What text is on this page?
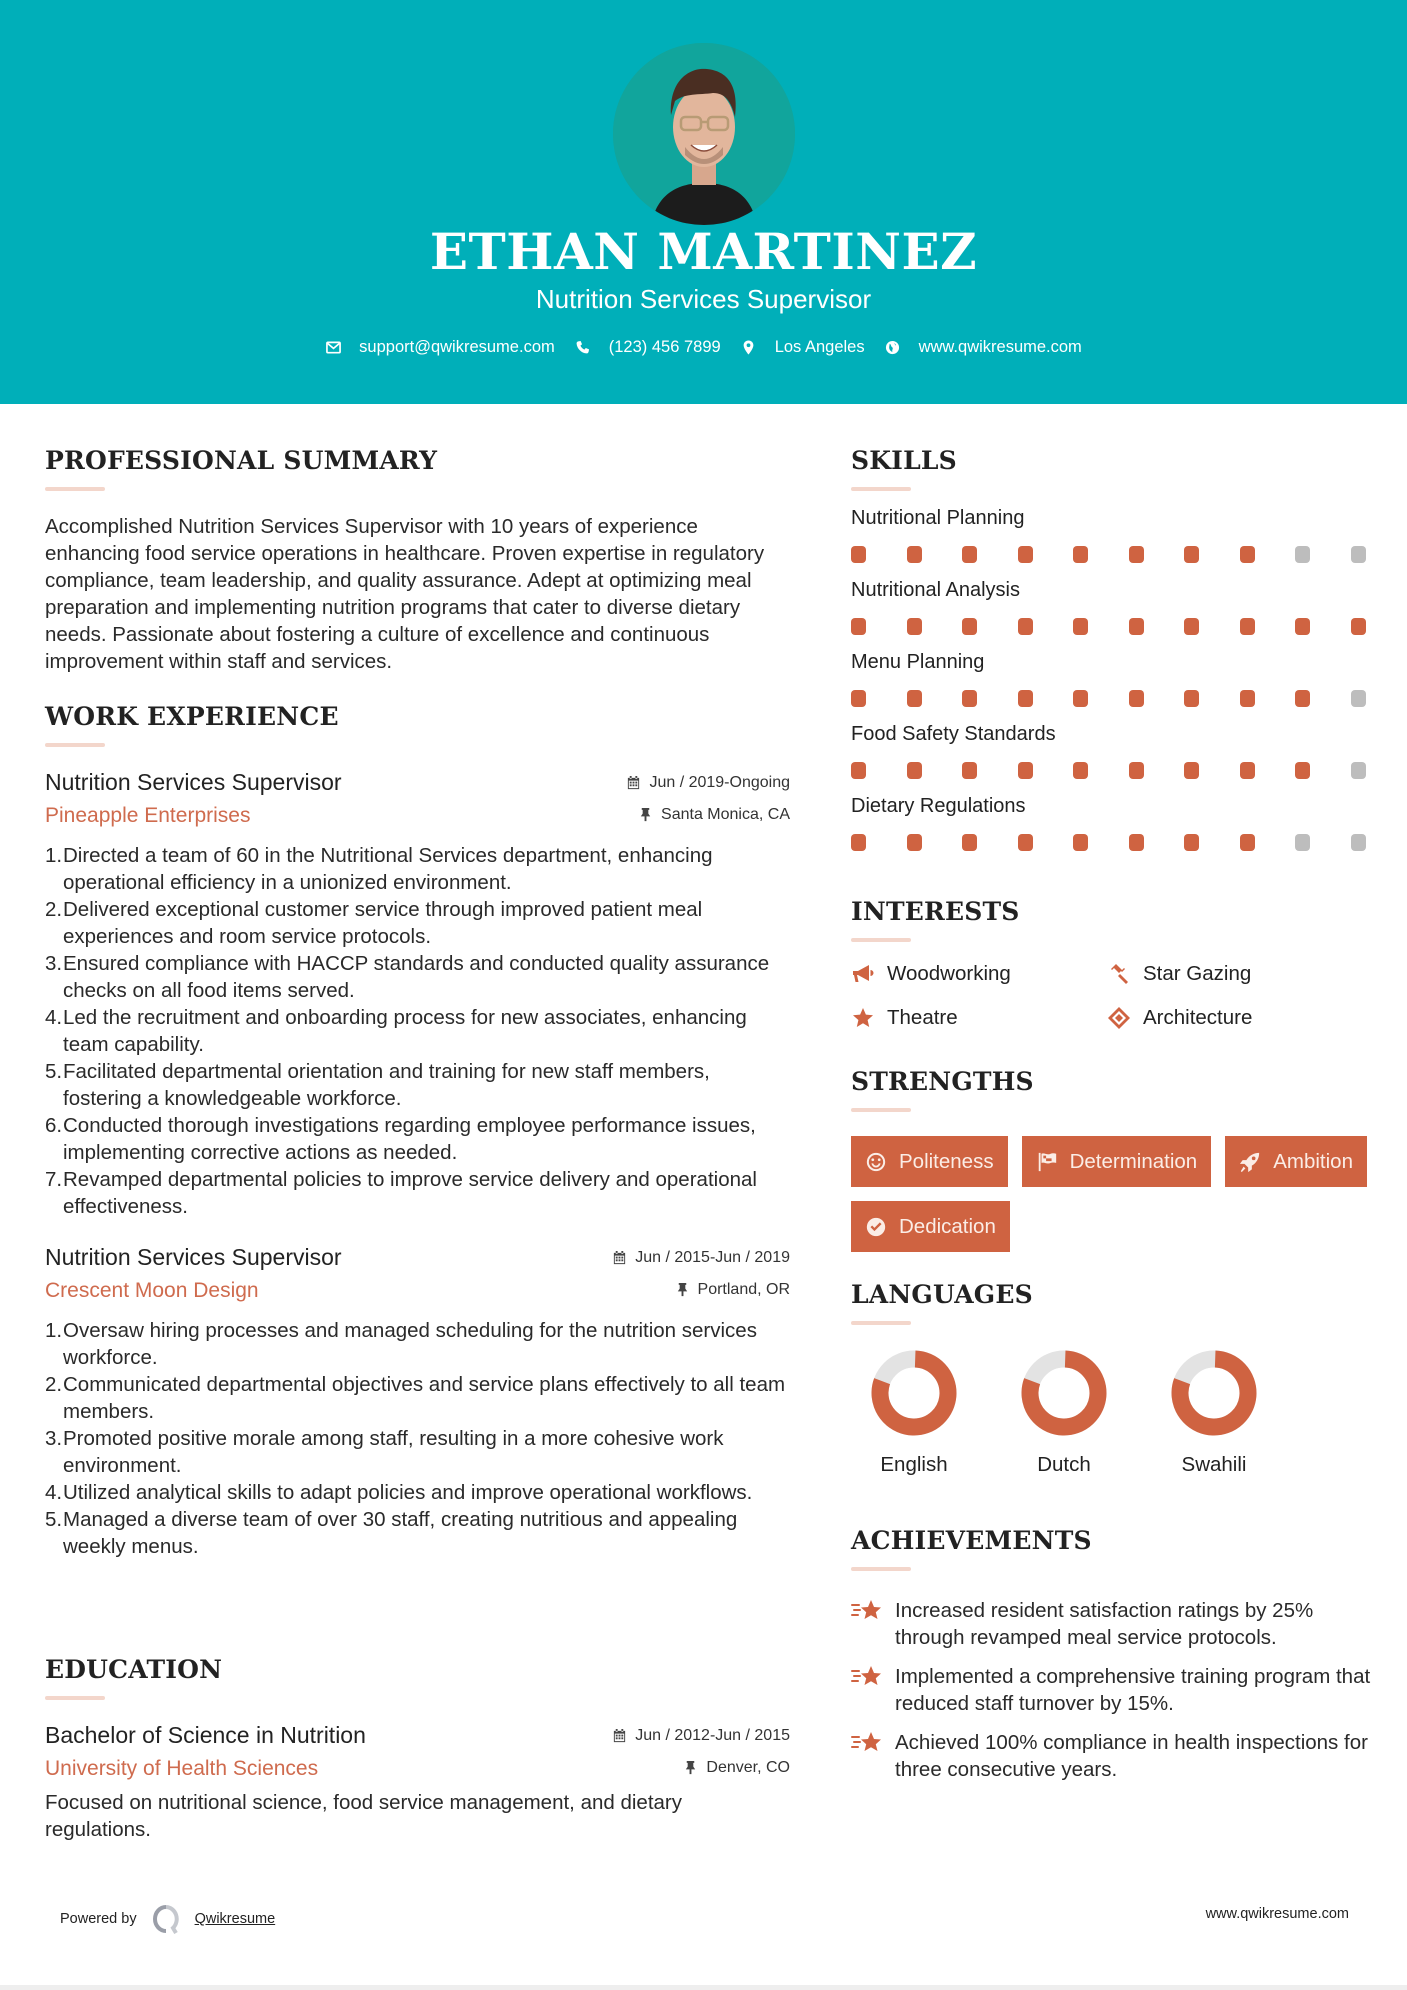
ETHAN MARTINEZ
Nutrition Services Supervisor
support@qwikresume.com	(123) 456 7899	Los Angeles	www.qwikresume.com
PROFESSIONAL SUMMARY
Accomplished Nutrition Services Supervisor with 10 years of experience enhancing food service operations in healthcare. Proven expertise in regulatory compliance, team leadership, and quality assurance. Adept at optimizing meal preparation and implementing nutrition programs that cater to diverse dietary needs. Passionate about fostering a culture of excellence and continuous improvement within staff and services.
WORK EXPERIENCE
Nutrition Services Supervisor	Jun / 2019-Ongoing
Pineapple Enterprises	Santa Monica, CA
1. Directed a team of 60 in the Nutritional Services department, enhancing operational efficiency in a unionized environment.
2. Delivered exceptional customer service through improved patient meal experiences and room service protocols.
3. Ensured compliance with HACCP standards and conducted quality assurance checks on all food items served.
4. Led the recruitment and onboarding process for new associates, enhancing team capability.
5. Facilitated departmental orientation and training for new staff members, fostering a knowledgeable workforce.
6. Conducted thorough investigations regarding employee performance issues, implementing corrective actions as needed.
7. Revamped departmental policies to improve service delivery and operational effectiveness.
Nutrition Services Supervisor	Jun / 2015-Jun / 2019
Crescent Moon Design	Portland, OR
1. Oversaw hiring processes and managed scheduling for the nutrition services workforce.
2. Communicated departmental objectives and service plans effectively to all team members.
3. Promoted positive morale among staff, resulting in a more cohesive work environment.
4. Utilized analytical skills to adapt policies and improve operational workflows.
5. Managed a diverse team of over 30 staff, creating nutritious and appealing weekly menus.
EDUCATION
Bachelor of Science in Nutrition	Jun / 2012-Jun / 2015
University of Health Sciences	Denver, CO
Focused on nutritional science, food service management, and dietary regulations.
SKILLS
Nutritional Planning
Nutritional Analysis
Menu Planning
Food Safety Standards
Dietary Regulations
INTERESTS
Woodworking	Star Gazing
Theatre	Architecture
STRENGTHS
Politeness	Determination	Ambition
Dedication
LANGUAGES
English	Dutch	Swahili
ACHIEVEMENTS
Increased resident satisfaction ratings by 25% through revamped meal service protocols.
Implemented a comprehensive training program that reduced staff turnover by 15%.
Achieved 100% compliance in health inspections for three consecutive years.
Powered by	Qwikresume	www.qwikresume.com
